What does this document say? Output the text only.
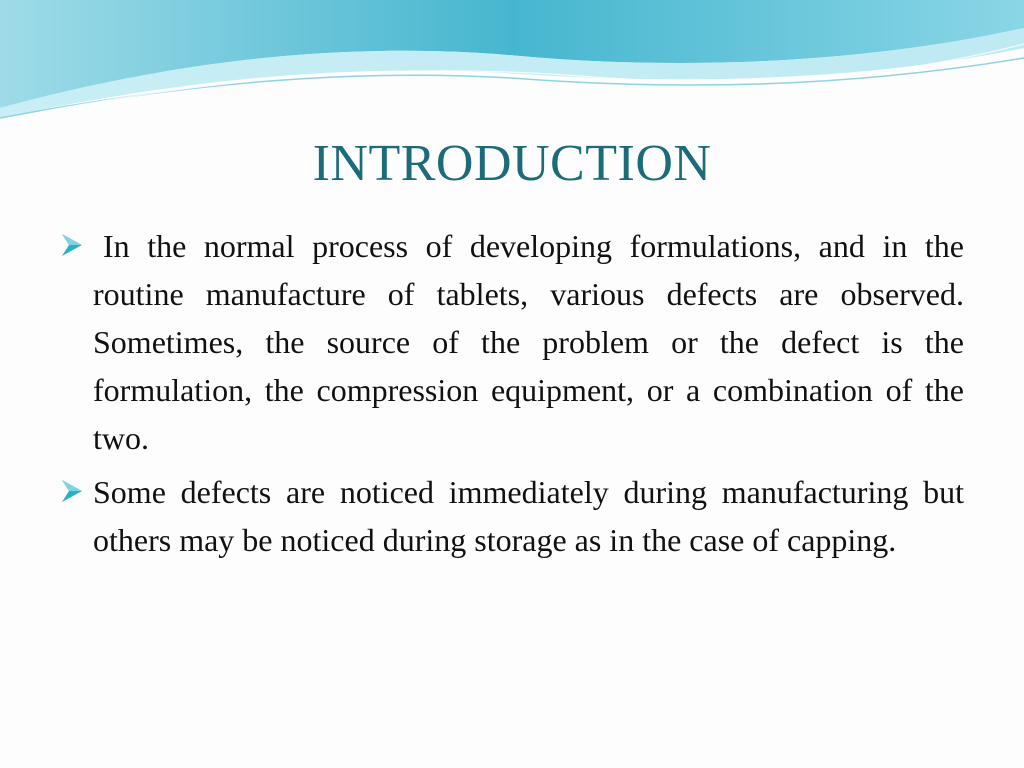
INTRODUCTION
In the normal process of developing formulations, and in the routine manufacture of tablets, various defects are observed. Sometimes, the source of the problem or the defect is the formulation, the compression equipment, or a combination of the two.
Some defects are noticed immediately during manufacturing but others may be noticed during storage as in the case of capping.
